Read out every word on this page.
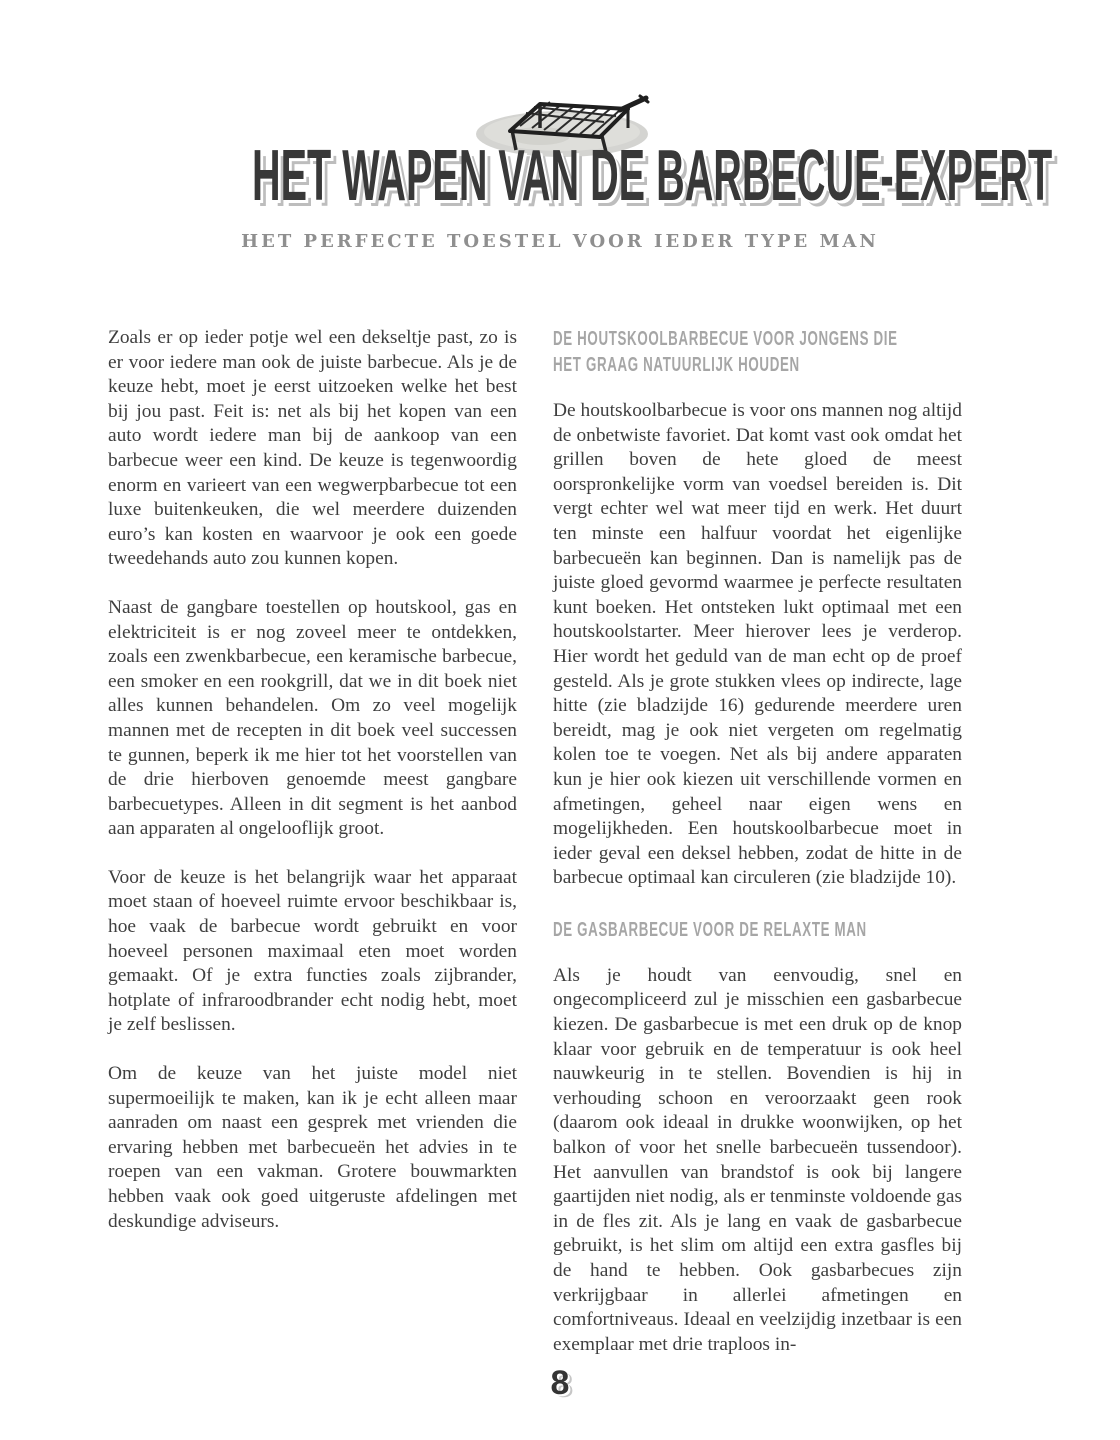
HET WAPEN VAN DE BARBECUE-EXPERT
HET PERFECTE TOESTEL VOOR IEDER TYPE MAN

Zoals er op ieder potje wel een dekseltje past, zo is er voor iedere man ook de juiste barbecue. Als je de keuze hebt, moet je eerst uitzoeken welke het best bij jou past. Feit is: net als bij het kopen van een auto wordt iedere man bij de aankoop van een barbecue weer een kind. De keuze is tegenwoordig enorm en varieert van een wegwerpbarbecue tot een luxe buitenkeuken, die wel meerdere duizenden euro’s kan kosten en waarvoor je ook een goede tweedehands auto zou kunnen kopen.

Naast de gangbare toestellen op houtskool, gas en elektriciteit is er nog zoveel meer te ontdekken, zoals een zwenkbarbecue, een keramische barbecue, een smoker en een rookgrill, dat we in dit boek niet alles kunnen behandelen. Om zo veel mogelijk mannen met de recepten in dit boek veel successen te gunnen, beperk ik me hier tot het voorstellen van de drie hierboven genoemde meest gangbare barbecuetypes. Alleen in dit segment is het aanbod aan apparaten al ongelooflijk groot.

Voor de keuze is het belangrijk waar het apparaat moet staan of hoeveel ruimte ervoor beschikbaar is, hoe vaak de barbecue wordt gebruikt en voor hoeveel personen maximaal eten moet worden gemaakt. Of je extra functies zoals zijbrander, hotplate of infraroodbrander echt nodig hebt, moet je zelf beslissen.

Om de keuze van het juiste model niet supermoeilijk te maken, kan ik je echt alleen maar aanraden om naast een gesprek met vrienden die ervaring hebben met barbecueën het advies in te roepen van een vakman. Grotere bouwmarkten hebben vaak ook goed uitgeruste afdelingen met deskundige adviseurs.

DE HOUTSKOOLBARBECUE VOOR JONGENS DIE HET GRAAG NATUURLIJK HOUDEN

De houtskoolbarbecue is voor ons mannen nog altijd de onbetwiste favoriet. Dat komt vast ook omdat het grillen boven de hete gloed de meest oorspronkelijke vorm van voedsel bereiden is. Dit vergt echter wel wat meer tijd en werk. Het duurt ten minste een halfuur voordat het eigenlijke barbecueën kan beginnen. Dan is namelijk pas de juiste gloed gevormd waarmee je perfecte resultaten kunt boeken. Het ontsteken lukt optimaal met een houtskoolstarter. Meer hierover lees je verderop. Hier wordt het geduld van de man echt op de proef gesteld. Als je grote stukken vlees op indirecte, lage hitte (zie bladzijde 16) gedurende meerdere uren bereidt, mag je ook niet vergeten om regelmatig kolen toe te voegen. Net als bij andere apparaten kun je hier ook kiezen uit verschillende vormen en afmetingen, geheel naar eigen wens en mogelijkheden. Een houtskoolbarbecue moet in ieder geval een deksel hebben, zodat de hitte in de barbecue optimaal kan circuleren (zie bladzijde 10).

DE GASBARBECUE VOOR DE RELAXTE MAN

Als je houdt van eenvoudig, snel en ongecompliceerd zul je misschien een gasbarbecue kiezen. De gasbarbecue is met een druk op de knop klaar voor gebruik en de temperatuur is ook heel nauwkeurig in te stellen. Bovendien is hij in verhouding schoon en veroorzaakt geen rook (daarom ook ideaal in drukke woonwijken, op het balkon of voor het snelle barbecueën tussendoor). Het aanvullen van brandstof is ook bij langere gaartijden niet nodig, als er tenminste voldoende gas in de fles zit. Als je lang en vaak de gasbarbecue gebruikt, is het slim om altijd een extra gasfles bij de hand te hebben. Ook gasbarbecues zijn verkrijgbaar in allerlei afmetingen en comfortniveaus. Ideaal en veelzijdig inzetbaar is een exemplaar met drie traploos in-

8
